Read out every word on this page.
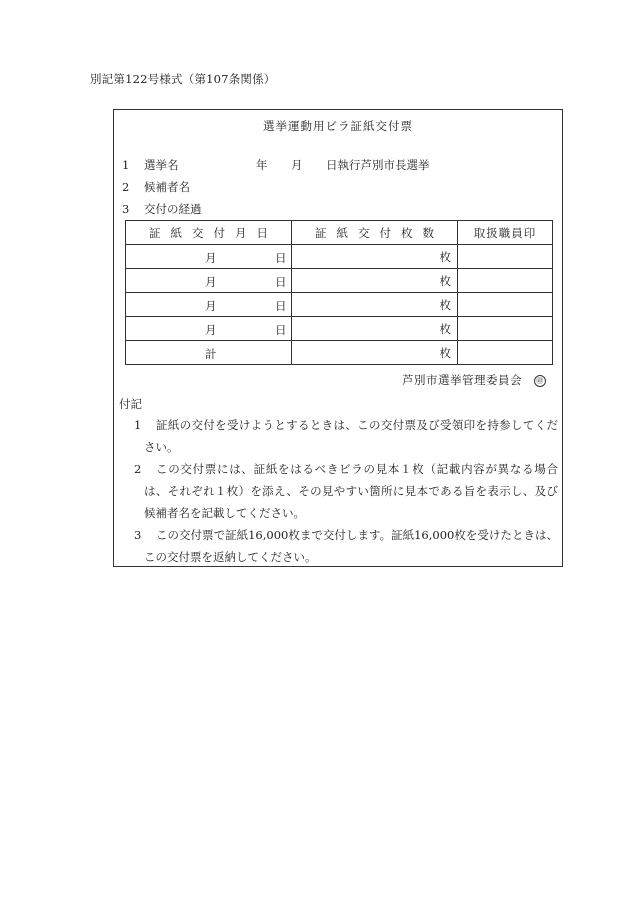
別記第122号様式（第107条関係）
選挙運動用ビラ証紙交付票
1 選挙名	年 月 日執行芦別市長選挙
2 候補者名
3 交付の経過
証紙交付月日	証紙交付枚数	取扱職員印

月 日	枚	

月 日	枚	

月 日	枚	

月 日	枚	

計	枚	
芦別市選挙管理委員会 ㊞
付記
1	証紙の交付を受けようとするときは、この交付票及び受領印を持参してください。
2	この交付票には、証紙をはるべきビラの見本１枚（記載内容が異なる場合は、それぞれ１枚）を添え、その見やすい箇所に見本である旨を表示し、及び候補者名を記載してください。
3	この交付票で証紙16,000枚まで交付します。証紙16,000枚を受けたときは、この交付票を返納してください。
